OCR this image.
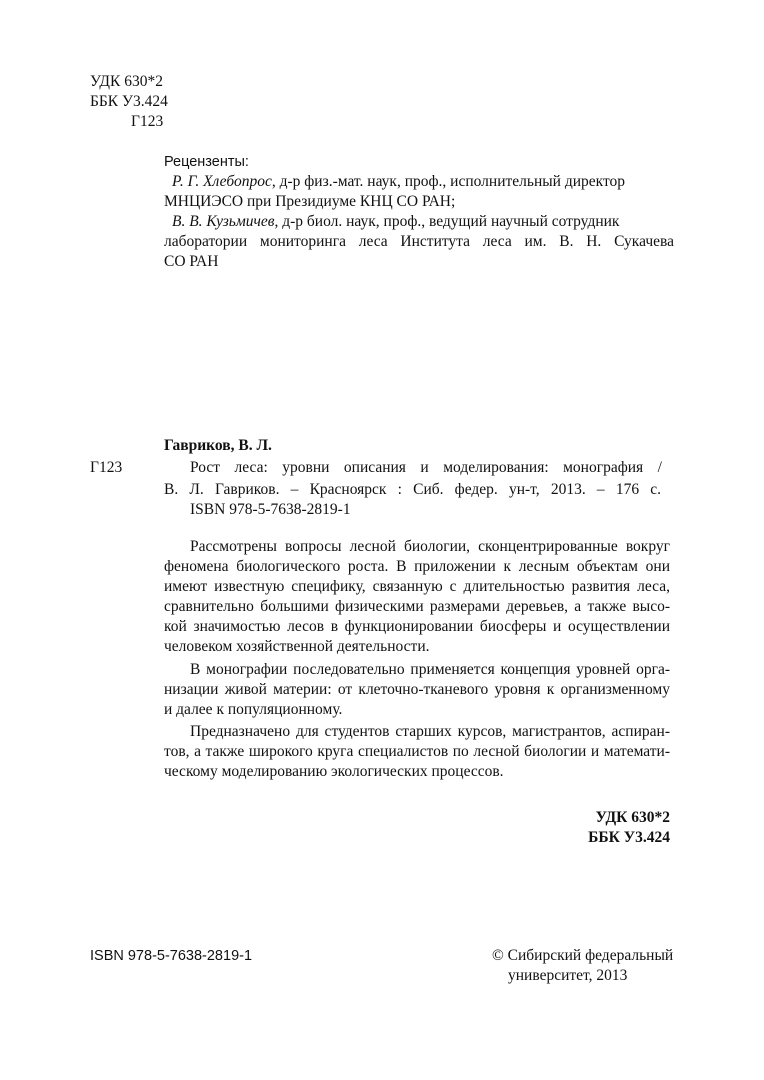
УДК 630*2
ББК У3.424
Г123
Рецензенты:
Р. Г. Хлебопрос, д-р физ.-мат. наук, проф., исполнительный директор
МНЦИЭСО при Президиуме КНЦ СО РАН;
В. В. Кузьмичев, д-р биол. наук, проф., ведущий научный сотрудник
лаборатории мониторинга леса Института леса им. В. Н. Сукачева
СО РАН
Гавриков, В. Л.
Г123	Рост леса: уровни описания и моделирования: монография /
В. Л. Гавриков. – Красноярск : Сиб. федер. ун-т, 2013. – 176 с.
ISBN 978-5-7638-2819-1
Рассмотрены вопросы лесной биологии, сконцентрированные вокруг
феномена биологического роста. В приложении к лесным объектам они
имеют известную специфику, связанную с длительностью развития леса,
сравнительно большими физическими размерами деревьев, а также высо-
кой значимостью лесов в функционировании биосферы и осуществлении
человеком хозяйственной деятельности.
В монографии последовательно применяется концепция уровней орга-
низации живой материи: от клеточно-тканевого уровня к организменному
и далее к популяционному.
Предназначено для студентов старших курсов, магистрантов, аспиран-
тов, а также широкого круга специалистов по лесной биологии и математи-
ческому моделированию экологических процессов.
УДК 630*2
ББК У3.424
ISBN 978-5-7638-2819-1	© Сибирский федеральный
университет, 2013
